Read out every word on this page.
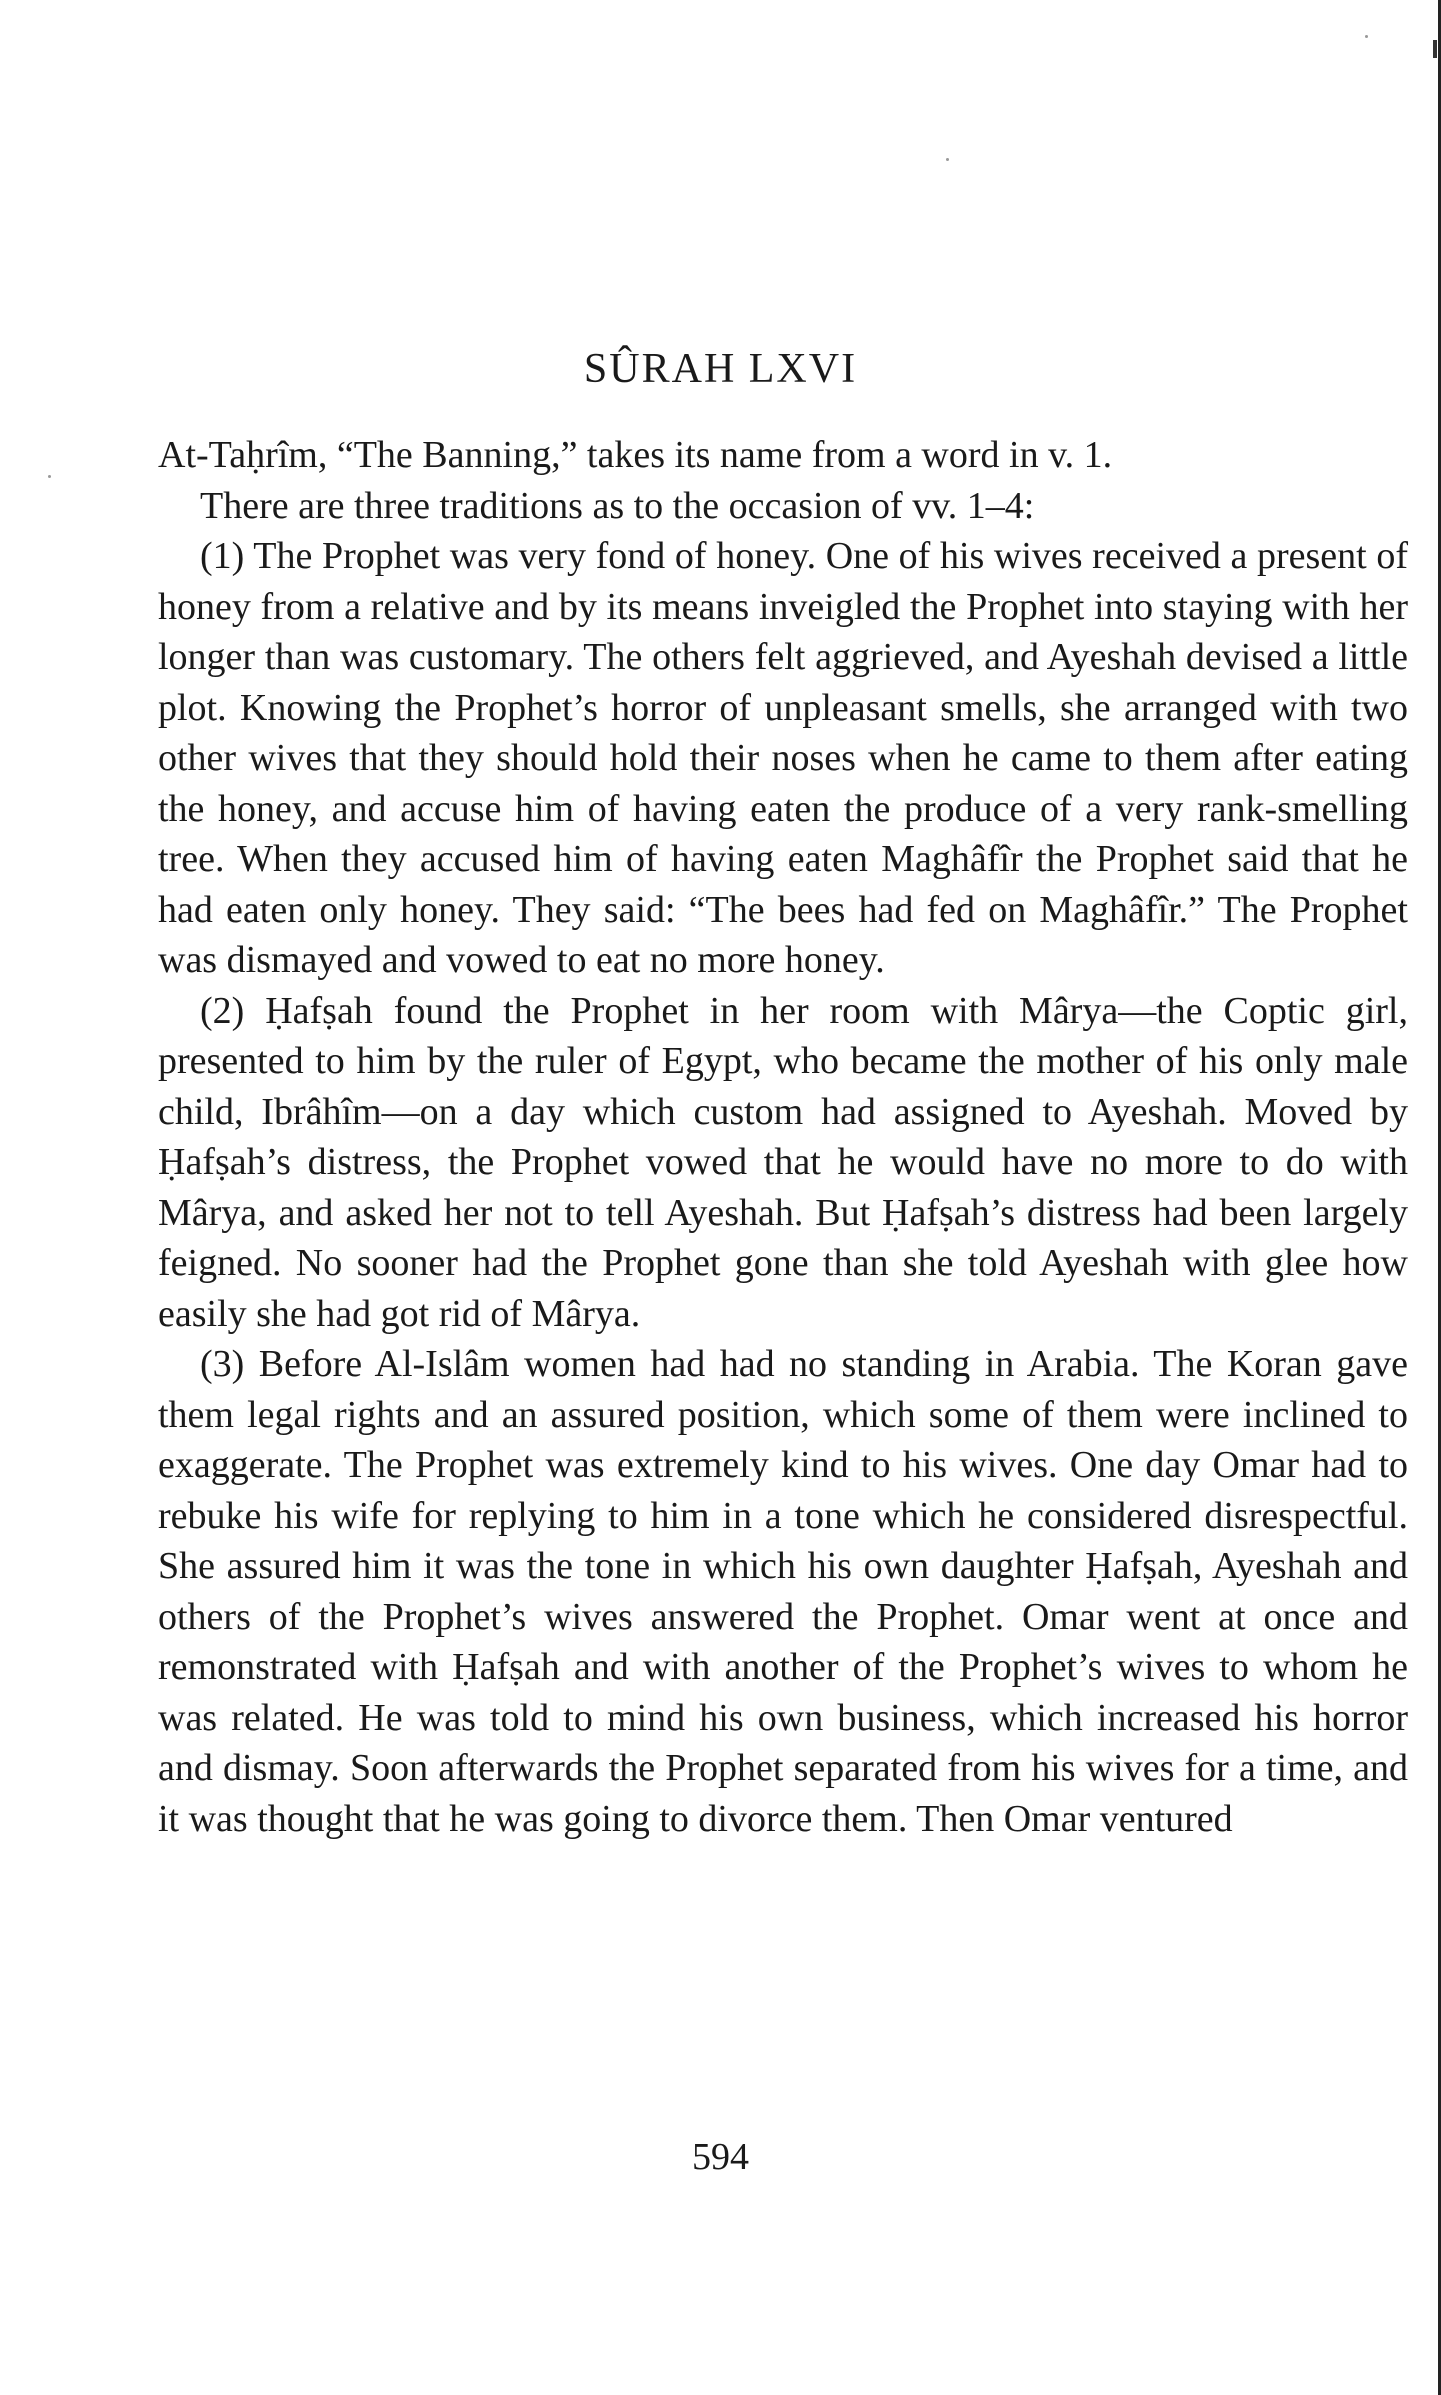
SÛRAH LXVI

At-Taḥrîm, “The Banning,” takes its name from a word in v. 1.

There are three traditions as to the occasion of vv. 1–4:

(1) The Prophet was very fond of honey. One of his wives received a present of honey from a relative and by its means inveigled the Prophet into staying with her longer than was customary. The others felt aggrieved, and Ayeshah devised a little plot. Knowing the Prophet’s horror of unpleasant smells, she arranged with two other wives that they should hold their noses when he came to them after eating the honey, and accuse him of having eaten the produce of a very rank-smelling tree. When they accused him of having eaten Maghâfîr the Prophet said that he had eaten only honey. They said: “The bees had fed on Maghâfîr.” The Prophet was dismayed and vowed to eat no more honey.

(2) Ḥafṣah found the Prophet in her room with Mârya—the Coptic girl, presented to him by the ruler of Egypt, who became the mother of his only male child, Ibrâhîm—on a day which custom had assigned to Ayeshah. Moved by Ḥafṣah’s distress, the Prophet vowed that he would have no more to do with Mârya, and asked her not to tell Ayeshah. But Ḥafṣah’s distress had been largely feigned. No sooner had the Prophet gone than she told Ayeshah with glee how easily she had got rid of Mârya.

(3) Before Al-Islâm women had had no standing in Arabia. The Koran gave them legal rights and an assured position, which some of them were inclined to exaggerate. The Prophet was extremely kind to his wives. One day Omar had to rebuke his wife for replying to him in a tone which he considered disrespectful. She assured him it was the tone in which his own daughter Ḥafṣah, Ayeshah and others of the Prophet’s wives answered the Prophet. Omar went at once and remonstrated with Ḥafṣah and with another of the Prophet’s wives to whom he was related. He was told to mind his own business, which increased his horror and dismay. Soon afterwards the Prophet separated from his wives for a time, and it was thought that he was going to divorce them. Then Omar ventured

594
